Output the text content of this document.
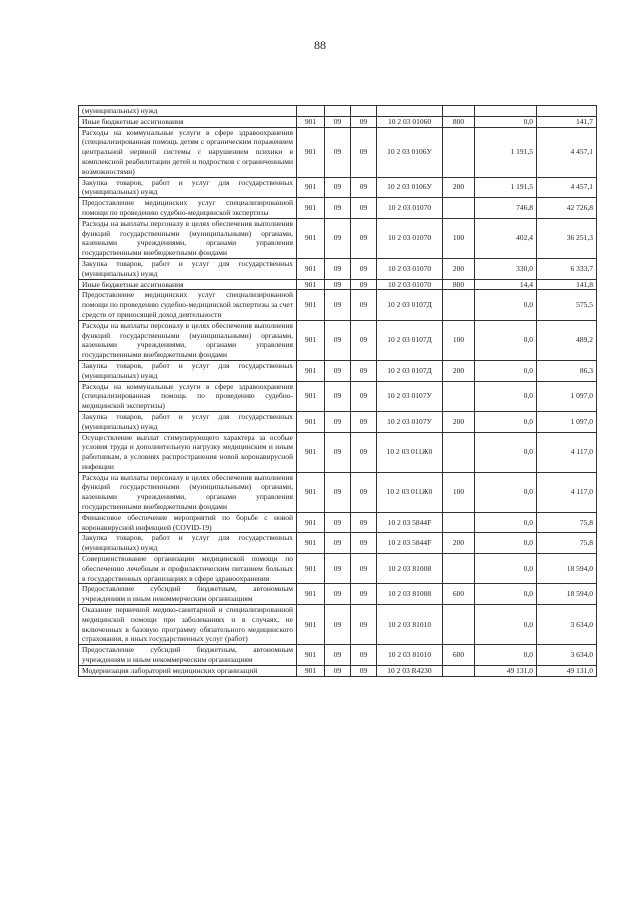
88
(муниципальных) нужд							
Иные бюджетные ассигнования	901	09	09	10 2 03 01060	800	0,0	141,7
Расходы на коммунальные услуги в сфере здравоохранения (специализированная помощь детям с органическим поражением центральной нервной системы с нарушением психики в комплексной реабилитации детей и подростков с ограниченными возможностями)	901	09	09	10 2 03 0106У		1 191,5	4 457,1
Закупка товаров, работ и услуг для государственных (муниципальных) нужд	901	09	09	10 2 03 0106У	200	1 191,5	4 457,1
Предоставление медицинских услуг специализированной помощи по проведению судебно-медицинской экспертизы	901	09	09	10 2 03 01070		746,8	42 726,8
Расходы на выплаты персоналу в целях обеспечения выполнения функций государственными (муниципальными) органами, казенными учреждениями, органами управления государственными внебюджетными фондами	901	09	09	10 2 03 01070	100	402,4	36 251,3
Закупка товаров, работ и услуг для государственных (муниципальных) нужд	901	09	09	10 2 03 01070	200	330,0	6 333,7
Иные бюджетные ассигнования	901	09	09	10 2 03 01070	800	14,4	141,8
Предоставление медицинских услуг специализированной помощи по проведению судебно-медицинской экспертизы за счет средств от приносящей доход деятельности	901	09	09	10 2 03 0107Д		0,0	575,5
Расходы на выплаты персоналу в целях обеспечения выполнения функций государственными (муниципальными) органами, казенными учреждениями, органами управления государственными внебюджетными фондами	901	09	09	10 2 03 0107Д	100	0,0	489,2
Закупка товаров, работ и услуг для государственных (муниципальных) нужд	901	09	09	10 2 03 0107Д	200	0,0	86,3
Расходы на коммунальные услуги в сфере здравоохранения (специализированная помощь по проведению судебно-медицинской экспертизы)	901	09	09	10 2 03 0107У		0,0	1 097,0
Закупка товаров, работ и услуг для государственных (муниципальных) нужд	901	09	09	10 2 03 0107У	200	0,0	1 097,0
Осуществление выплат стимулирующего характера за особые условия труда и дополнительную нагрузку медицинским и иным работникам, в условиях распространения новой коронавирусной инфекции	901	09	09	10 2 03 011Ж0		0,0	4 117,0
Расходы на выплаты персоналу в целях обеспечения выполнения функций государственными (муниципальными) органами, казенными учреждениями, органами управления государственными внебюджетными фондами	901	09	09	10 2 03 011Ж0	100	0,0	4 117,0
Финансовое обеспечение мероприятий по борьбе с новой коронавирусной инфекцией (COVID-19)	901	09	09	10 2 03 5844F		0,0	75,8
Закупка товаров, работ и услуг для государственных (муниципальных) нужд	901	09	09	10 2 03 5844F	200	0,0	75,8
Совершенствование организации медицинской помощи по обеспечению лечебным и профилактическим питанием больных в государственных организациях в сфере здравоохранения	901	09	09	10 2 03 81008		0,0	18 594,0
Предоставление субсидий бюджетным, автономным учреждениям и иным некоммерческим организациям	901	09	09	10 2 03 81008	600	0,0	18 594,0
Оказание первичной медико-санитарной и специализированной медицинской помощи при заболеваниях и в случаях, не включенных в базовую программу обязательного медицинского страхования, в иных государственных услуг (работ)	901	09	09	10 2 03 81010		0,0	3 634,0
Предоставление субсидий бюджетным, автономным учреждениям и иным некоммерческим организациям	901	09	09	10 2 03 81010	600	0,0	3 634,0
Модернизация лабораторий медицинских организаций	901	09	09	10 2 03 R4230		49 131,0	49 131,0
